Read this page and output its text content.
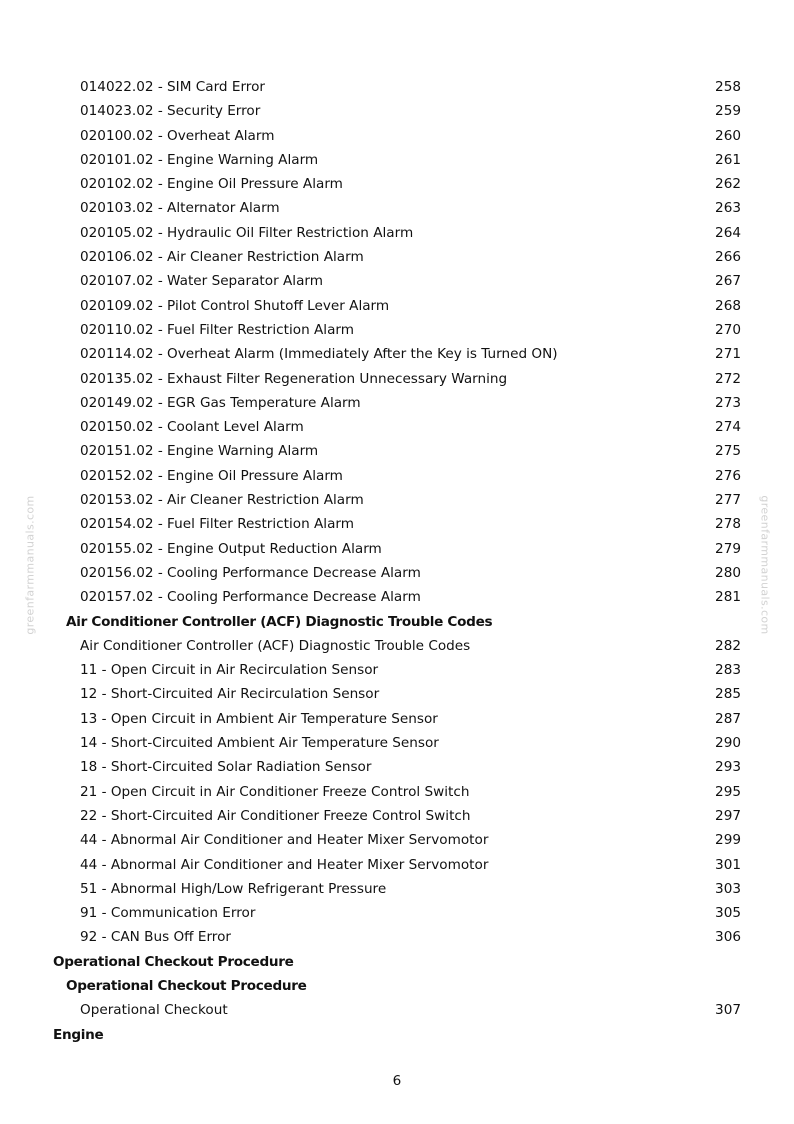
014022.02 - SIM Card Error	258
014023.02 - Security Error	259
020100.02 - Overheat Alarm	260
020101.02 - Engine Warning Alarm	261
020102.02 - Engine Oil Pressure Alarm	262
020103.02 - Alternator Alarm	263
020105.02 - Hydraulic Oil Filter Restriction Alarm	264
020106.02 - Air Cleaner Restriction Alarm	266
020107.02 - Water Separator Alarm	267
020109.02 - Pilot Control Shutoff Lever Alarm	268
020110.02 - Fuel Filter Restriction Alarm	270
020114.02 - Overheat Alarm (Immediately After the Key is Turned ON)	271
020135.02 - Exhaust Filter Regeneration Unnecessary Warning	272
020149.02 - EGR Gas Temperature Alarm	273
020150.02 - Coolant Level Alarm	274
020151.02 - Engine Warning Alarm	275
020152.02 - Engine Oil Pressure Alarm	276
020153.02 - Air Cleaner Restriction Alarm	277
020154.02 - Fuel Filter Restriction Alarm	278
020155.02 - Engine Output Reduction Alarm	279
020156.02 - Cooling Performance Decrease Alarm	280
020157.02 - Cooling Performance Decrease Alarm	281
Air Conditioner Controller (ACF) Diagnostic Trouble Codes
Air Conditioner Controller (ACF) Diagnostic Trouble Codes	282
11 - Open Circuit in Air Recirculation Sensor	283
12 - Short-Circuited Air Recirculation Sensor	285
13 - Open Circuit in Ambient Air Temperature Sensor	287
14 - Short-Circuited Ambient Air Temperature Sensor	290
18 - Short-Circuited Solar Radiation Sensor	293
21 - Open Circuit in Air Conditioner Freeze Control Switch	295
22 - Short-Circuited Air Conditioner Freeze Control Switch	297
44 - Abnormal Air Conditioner and Heater Mixer Servomotor	299
44 - Abnormal Air Conditioner and Heater Mixer Servomotor	301
51 - Abnormal High/Low Refrigerant Pressure	303
91 - Communication Error	305
92 - CAN Bus Off Error	306
Operational Checkout Procedure
Operational Checkout Procedure
Operational Checkout	307
Engine
greenfarmmanuals.com	greenfarmmanuals.com
6
